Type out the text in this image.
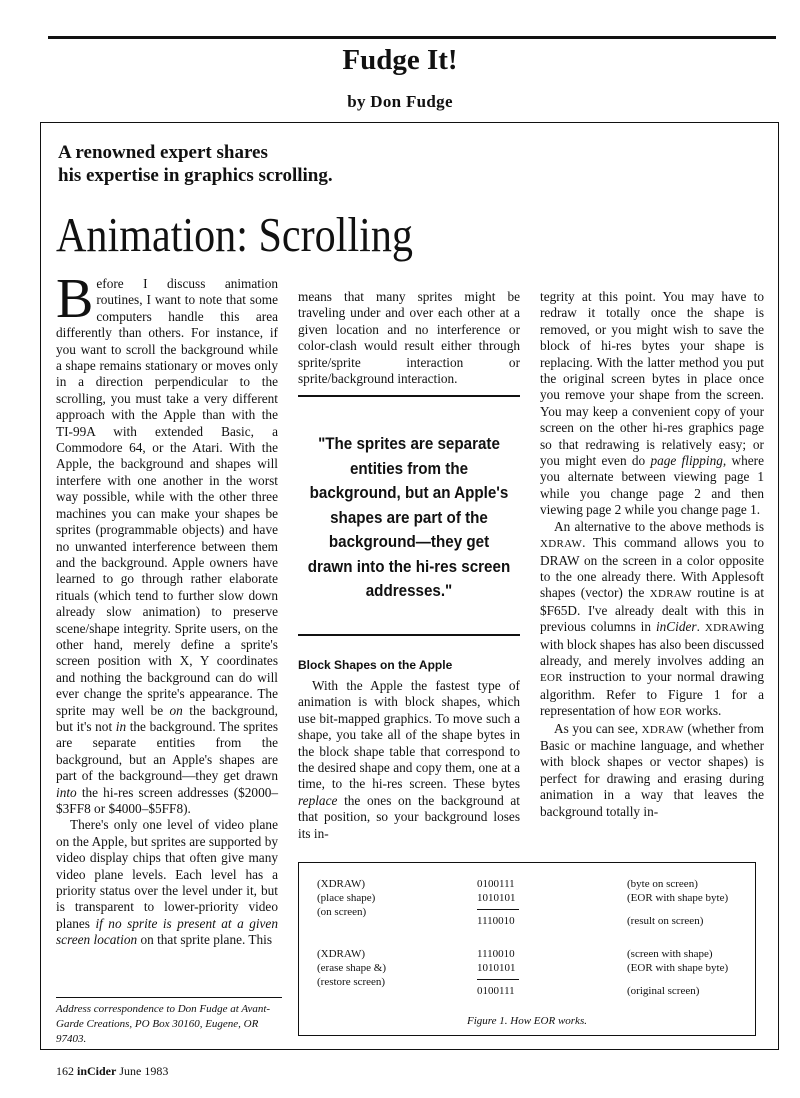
Fudge It!
by Don Fudge
A renowned expert shares
his expertise in graphics scrolling.
Animation: Scrolling

Before I discuss animation routines, I want to note that some computers handle this area differently than others. For instance, if you want to scroll the background while a shape remains stationary or moves only in a direction perpendicular to the scrolling, you must take a very different approach with the Apple than with the TI-99A with extended Basic, a Commodore 64, or the Atari. With the Apple, the background and shapes will interfere with one another in the worst way possible, while with the other three machines you can make your shapes be sprites (programmable objects) and have no unwanted interference between them and the background. Apple owners have learned to go through rather elaborate rituals (which tend to further slow down already slow animation) to preserve scene/shape integrity. Sprite users, on the other hand, merely define a sprite's screen position with X, Y coordinates and nothing the background can do will ever change the sprite's appearance. The sprite may well be on the background, but it's not in the background. The sprites are separate entities from the background, but an Apple's shapes are part of the background—they get drawn into the hi-res screen addresses ($2000–$3FF8 or $4000–$5FF8).

There's only one level of video plane on the Apple, but sprites are supported by video display chips that often give many video plane levels. Each level has a priority status over the level under it, but is transparent to lower-priority video planes if no sprite is present at a given screen location on that sprite plane. This

Address correspondence to Don Fudge at Avant-Garde Creations, PO Box 30160, Eugene, OR 97403.

means that many sprites might be traveling under and over each other at a given location and no interference or color-clash would result either through sprite/sprite interaction or sprite/background interaction.

"The sprites are separate entities from the background, but an Apple's shapes are part of the background—they get drawn into the hi-res screen addresses."
Block Shapes on the Apple

With the Apple the fastest type of animation is with block shapes, which use bit-mapped graphics. To move such a shape, you take all of the shape bytes in the block shape table that correspond to the desired shape and copy them, one at a time, to the hi-res screen. These bytes replace the ones on the background at that position, so your background loses its in-

tegrity at this point. You may have to redraw it totally once the shape is removed, or you might wish to save the block of hi-res bytes your shape is replacing. With the latter method you put the original screen bytes in place once you remove your shape from the screen. You may keep a convenient copy of your screen on the other hi-res graphics page so that redrawing is relatively easy; or you might even do page flipping, where you alternate between viewing page 1 while you change page 2 and then viewing page 2 while you change page 1.

An alternative to the above methods is XDRAW. This command allows you to DRAW on the screen in a color opposite to the one already there. With Applesoft shapes (vector) the XDRAW routine is at $F65D. I've already dealt with this in previous columns in inCider. XDRAWing with block shapes has also been discussed already, and merely involves adding an EOR instruction to your normal drawing algorithm. Refer to Figure 1 for a representation of how EOR works.

As you can see, XDRAW (whether from Basic or machine language, and whether with block shapes or vector shapes) is perfect for drawing and erasing during animation in a way that leaves the background totally in-

(XDRAW)
(place shape)
(on screen)
0100111
1010101
1110010
(byte on screen)
(EOR with shape byte)
(result on screen)
(XDRAW)
(erase shape &)
(restore screen)
1110010
1010101
0100111
(screen with shape)
(EOR with shape byte)
(original screen)
Figure 1. How EOR works.
162 inCider June 1983
